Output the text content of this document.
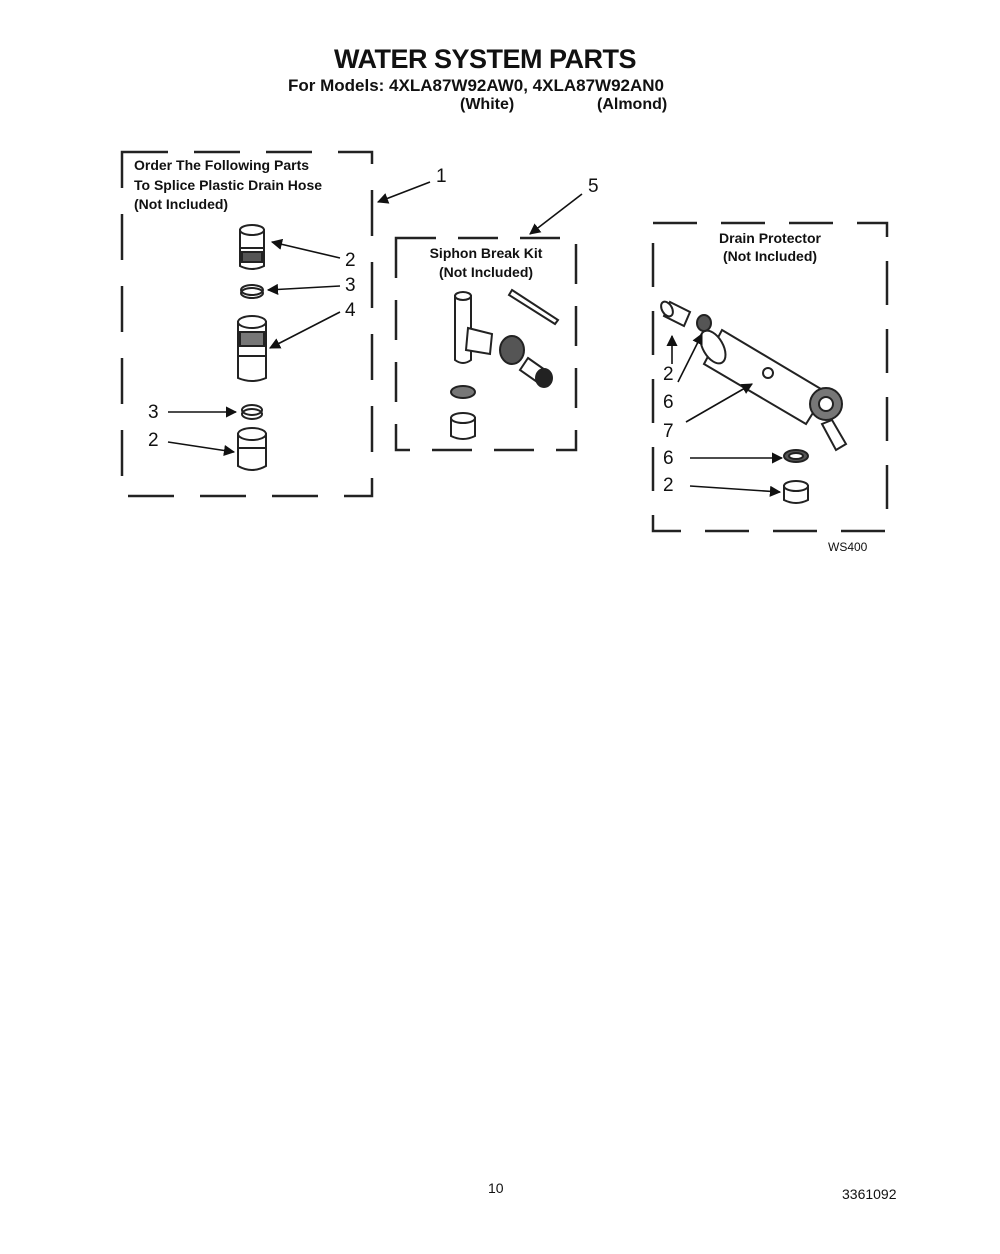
WATER SYSTEM PARTS
For Models: 4XLA87W92AW0, 4XLA87W92AN0
(White)	(Almond)
Order The Following Parts
To Splice Plastic Drain Hose
(Not Included)
1
2
3
4
3
2
Siphon Break Kit
(Not Included)
5
Drain Protector
(Not Included)
2
6
7
6
2
WS400
10	3361092
